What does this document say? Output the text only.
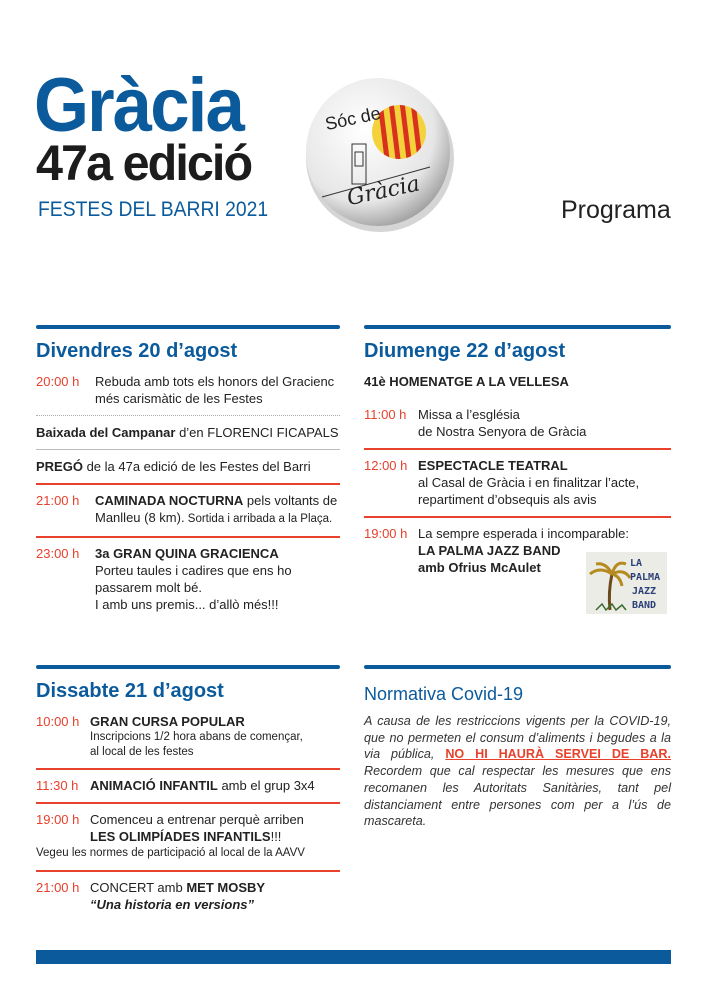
Gràcia
47a edició
FESTES DEL BARRI 2021	Programa
Sóc de Gràcia
Divendres 20 d’agost
20:00 h	Rebuda amb tots els honors del Gracienc
més carismàtic de les Festes
Baixada del Campanar d’en FLORENCI FICAPALS
PREGÓ de la 47a edició de les Festes del Barri
21:00 h	CAMINADA NOCTURNA pels voltants de
Manlleu (8 km). Sortida i arribada a la Plaça.
23:00 h	3a GRAN QUINA GRACIENCA
Porteu taules i cadires que ens ho
passarem molt bé.
I amb uns premis... d’allò més!!!
Diumenge 22 d’agost
41è HOMENATGE A LA VELLESA
11:00 h Missa a l’església
de Nostra Senyora de Gràcia
12:00 h ESPECTACLE TEATRAL
al Casal de Gràcia i en finalitzar l’acte,
repartiment d’obsequis als avis
19:00 h La sempre esperada i incomparable:
LA PALMA JAZZ BAND
amb Ofrius McAulet	LA
PALMA
JAZZ
BAND
Dissabte 21 d’agost
10:00 h GRAN CURSA POPULAR
Inscripcions 1/2 hora abans de començar,
al local de les festes
11:30 h ANIMACIÓ INFANTIL amb el grup 3x4
19:00 h Comenceu a entrenar perquè arriben
LES OLIMPÍADES INFANTILS!!!
Vegeu les normes de participació al local de la AAVV
21:00 h CONCERT amb MET MOSBY
“Una historia en versions”
Normativa Covid-19
A causa de les restriccions vigents per la COVID-19, que no permeten el consum d’aliments i begudes a la via pública, NO HI HAURÀ SERVEI DE BAR. Recordem que cal respectar les mesures que ens recomanen les Autoritats Sanitàries, tant pel distanciament entre persones com per a l’ús de mascareta.
